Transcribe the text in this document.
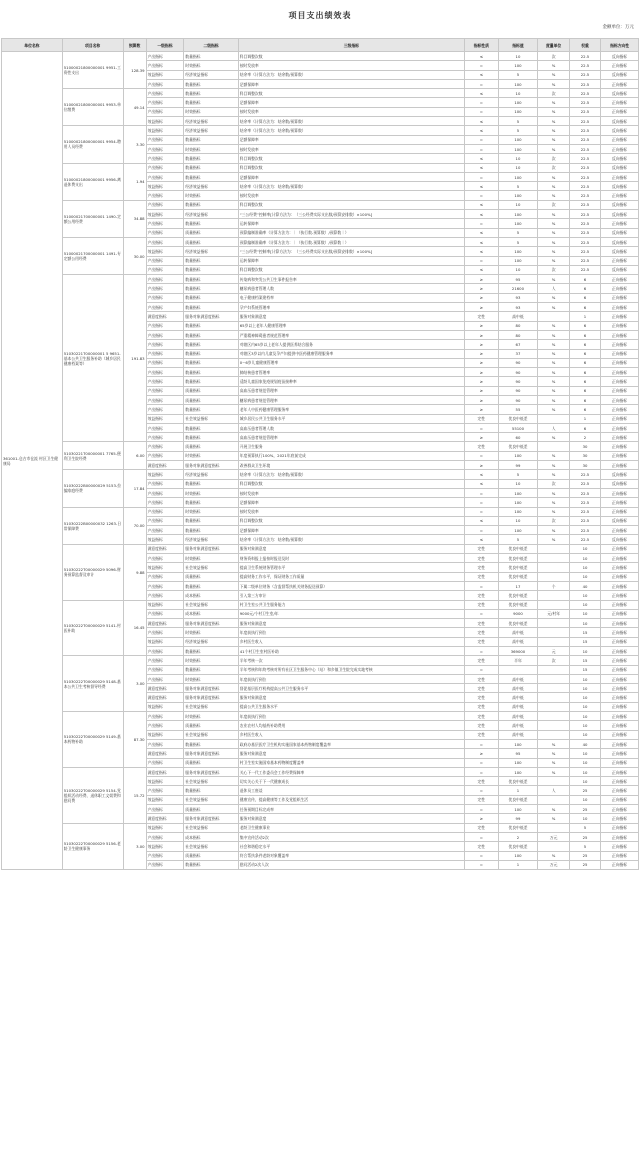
项目支出绩效表
金额单位：万元
单位名称	项目名称	预算数	一级指标	二级指标	三级指标	指标性质	指标值	度量单位	权重	指标方向性
361001-仓吉市仓流 村区卫生健康局	51000021800000001 9951-工资性支出	128.39	产出指标	数量指标	科目调整次数	≤	10	次	22.5	反向指标
			产出指标	时效指标	按时发放率	=	100	%	22.5	正向指标
			效益指标	经济效益指标	结余率（计算方法为：结余数/预算数）	≤	5	%	22.5	反向指标
			产出指标	数量指标	足额保障率	=	100	%	22.5	正向指标
	51000021800000001 9953-单位缴费	49.14	产出指标	数量指标	科目调整次数	≤	10	次	22.5	反向指标
			产出指标	数量指标	足额保障率	=	100	%	22.5	正向指标
			产出指标	时效指标	按时发放率	=	100	%	22.5	正向指标
			效益指标	经济效益指标	结余率（计算方法为：结余数/预算数）	≤	5	%	22.5	反向指标
	51000021800000001 9954-聘用人员经费	3.30	效益指标	经济效益指标	结余率（计算方法为：结余数/预算数）	≤	5	%	22.5	反向指标
			产出指标	数量指标	足额保障率	=	100	%	22.5	正向指标
			产出指标	时效指标	按时发放率	=	100	%	22.5	正向指标
			产出指标	数量指标	科目调整次数	≤	10	次	22.5	反向指标
	51000021800000001 9956-离退休费支出	1.94	产出指标	数量指标	科目调整次数	≤	10	次	22.5	反向指标
			产出指标	数量指标	足额保障率	=	100	%	22.5	正向指标
			效益指标	经济效益指标	结余率（计算方法为：结余数/预算数）	≤	5	%	22.5	反向指标
			产出指标	时效指标	按时发放率	=	100	%	22.5	正向指标
	51000021700000001 1490-定额公用经费	34.88	产出指标	数量指标	科目调整次数	≤	10	次	22.5	反向指标
			效益指标	经济效益指标	“三公经费”控制率[计算方法为：（三公经费实际支出数/预算安排数）×100%]	≤	100	%	22.5	反向指标
			产出指标	数量指标	运转保障率	=	100	%	22.5	正向指标
			产出指标	质量指标	预算编制准确率（计算方法为：｜（执行数-预算数）/预算数｜）	≤	5	%	22.5	反向指标
	51000021700000001 1491-专定额公用经费	30.00	产出指标	质量指标	预算编制准确率（计算方法为：｜（执行数-预算数）/预算数｜）	≤	5	%	22.5	反向指标
			效益指标	经济效益指标	“三公经费”控制率[计算方法为：（三公经费实际支出数/预算安排数）×100%]	≤	100	%	22.5	反向指标
			产出指标	数量指标	运转保障率	=	100	%	22.5	正向指标
			产出指标	数量指标	科目调整次数	≤	10	次	22.5	反向指标
	51030221T00000001 5 9651-基本公共卫生服务补助（城乡居民健康档案等）	191.83	产出指标	数量指标	传染病和突发公共卫生事件报告率	≥	95	%	6	正向指标
			产出指标	数量指标	糖尿病患者管理人数	≥	21600	人	6	正向指标
			产出指标	数量指标	电子健康档案建档率	≥	93	%	6	正向指标
			产出指标	数量指标	孕产妇系统管理率	≥	93	%	6	正向指标
			满意度指标	服务对象满意度指标	服务对象满意度	定性	高中低		1	正向指标
			产出指标	数量指标	65岁以上老年人健康管理率	≥	80	%	6	正向指标
			产出指标	数量指标	严重精神障碍患者规范管理率	≥	80	%	6	正向指标
			产出指标	数量指标	对辖区内65岁以上老年人提供医养结合服务	≥	67	%	6	正向指标
			产出指标	数量指标	对辖区3岁以内儿童及孕产妇提供中医药健康管理服务率	≥	37	%	6	正向指标
			产出指标	数量指标	0~6岁儿童健康管理率	≥	90	%	6	正向指标
			产出指标	数量指标	肺结核患者管理率	≥	90	%	6	正向指标
			产出指标	数量指标	适龄儿童国家免疫规划疫苗接种率	≥	90	%	6	正向指标
			产出指标	质量指标	高血压患者规范管理率	≥	90	%	6	正向指标
			产出指标	质量指标	糖尿病患者规范管理率	≥	90	%	6	正向指标
			产出指标	数量指标	老年人中医药健康管理服务率	≥	55	%	6	正向指标
			效益指标	社会效益指标	城乡居民公共卫生服务水平	定性	优良中低差		1	正向指标
			产出指标	数量指标	高血压患者管理人数	=	55100	人	6	正向指标
			产出指标	数量指标	高血压患者规范管理率	≥	60	%	2	正向指标
	51030221T00000001 7765-便利卫生院经费	6.00	产出指标	质量指标	开展卫生服务	定性	优良中低差		30	正向指标
			产出指标	时效指标	年度预算执行100%，2021年底前完成	=	100	%	30	正向指标
			满意度指标	服务对象满意度指标	改善群众卫生环境	≥	99	%	30	正向指标
	51030222B00000029 5153-拉编家庭经费	17.84	效益指标	经济效益指标	结余率（计算方法为：结余数/预算数）	≤	5	%	22.5	反向指标
			产出指标	数量指标	科目调整次数	≤	10	次	22.5	反向指标
			产出指标	时效指标	按时发放率	=	100	%	22.5	正向指标
			产出指标	数量指标	足额保障率	=	100	%	22.5	正向指标
	51030222B00000032 1263-日常保障费	70.00	产出指标	时效指标	按时发放率	=	100	%	22.5	正向指标
			产出指标	数量指标	科目调整次数	≤	10	次	22.5	反向指标
			产出指标	数量指标	足额保障率	=	100	%	22.5	正向指标
			效益指标	经济效益指标	结余率（计算方法为：结余数/预算数）	≤	5	%	22.5	反向指标
	51030222T00000029 5096-财务预算监督及审计	9.88	满意度指标	服务对象满意度指标	服务对象满意度	定性	优良中低差		10	正向指标
			产出指标	时效指标	财务资料报上报按时报送及时	定性	优良中低差		10	正向指标
			效益指标	社会效益指标	提高卫生系统财务管理水平	定性	优良中低差		10	正向指标
			产出指标	质量指标	提高财务工作水平，保证财务工作质量	定性	优良中低差		10	正向指标
			产出指标	数量指标	下属二级单位财务（含监督帮扶机关财务报送预算）	=	17	个	40	正向指标
			产出指标	成本指标	引入第三方审计	定性	优良中低差		10	正向指标
	51030222T00000029 5141-村医补助	16.45	效益指标	社会效益指标	村卫生室公共卫生服务能力	定性	优良中低差		10	正向指标
			产出指标	成本指标	9000元/个村卫生室/年	=	9000	元/村年	10	正向指标
			满意度指标	服务对象满意度指标	服务对象满意度	定性	优良中低差		10	正向指标
			产出指标	时效指标	年度前执行到位	定性	高中低		15	正向指标
			效益指标	经济效益指标	乡村医生收入	定性	高中低		15	正向指标
			产出指标	数量指标	41个村卫生室村医补助	=	369000	元	10	正向指标
	51030222T00000029 5148-基本公共卫生考核督导经费	3.00	产出指标	时效指标	半年考核一次	定性	半年	次	15	正向指标
			产出指标	数量指标	半年考核和年终考核对所有社区卫生服务中心（站）和乡镇卫生院完成实地考核	=			15	正向指标
			产出指标	时效指标	年度前执行到位	定性	高中低		10	正向指标
			满意度指标	服务对象满意度指标	督促基层医疗机构提高公共卫生服务水平	定性	高中低		10	正向指标
			满意度指标	服务对象满意度指标	服务对象满意度	定性	高中低		10	正向指标
			效益指标	社会效益指标	提高公共卫生服务水平	定性	高中低		10	正向指标
	51030222T00000029 5149-基本药物补助	87.30	产出指标	时效指标	年度前执行到位	定性	高中低		10	正向指标
			产出指标	质量指标	农业农村人均基药补助费用	定性	高中低		10	正向指标
			效益指标	社会效益指标	乡村医生收入	定性	高中低		10	正向指标
			产出指标	数量指标	政府办基层医疗卫生机构实施国家基本药物制度覆盖率	=	100	%	40	正向指标
			满意度指标	服务对象满意度指标	服务对象满意度	≥	95	%	10	正向指标
			产出指标	质量指标	村卫生室实施国家基本药物制度覆盖率	=	100	%	10	正向指标
	51030222T00000029 5154-党组织活动经费、退休职工文娱费和慰问费	15.72	满意度指标	服务对象满意度指标	关心下一代工作委员会工作经费保障率	=	100	%	10	正向指标
			效益指标	社会效益指标	切实关心关于下一代健康成长	定性	优良中低差		10	正向指标
			产出指标	数量指标	退休员工座谈	=	1	人	25	正向指标
			效益指标	社会效益指标	健康宣传，提高健康等工作及党组织生活	定性	优良中低差		10	正向指标
			产出指标	质量指标	任务预期目标完成率	=	100	%	25	正向指标
			满意度指标	服务对象满意度指标	服务对象满意度	≥	99	%	10	正向指标
	51030222T00000029 5156-老龄卫生健康事务	3.00	效益指标	社会效益指标	老龄卫生健康事业	定性	优良中低差		5	正向指标
			产出指标	成本指标	集中宣传活动2次	=	2	万元	25	正向指标
			效益指标	社会效益指标	社会和谐稳定水平	定性	优良中低差		5	正向指标
			产出指标	质量指标	符合帮扶条件老龄对象覆盖率	=	100	%	25	正向指标
			产出指标	数量指标	慰问活动2次人次	=	1	万元	25	正向指标
